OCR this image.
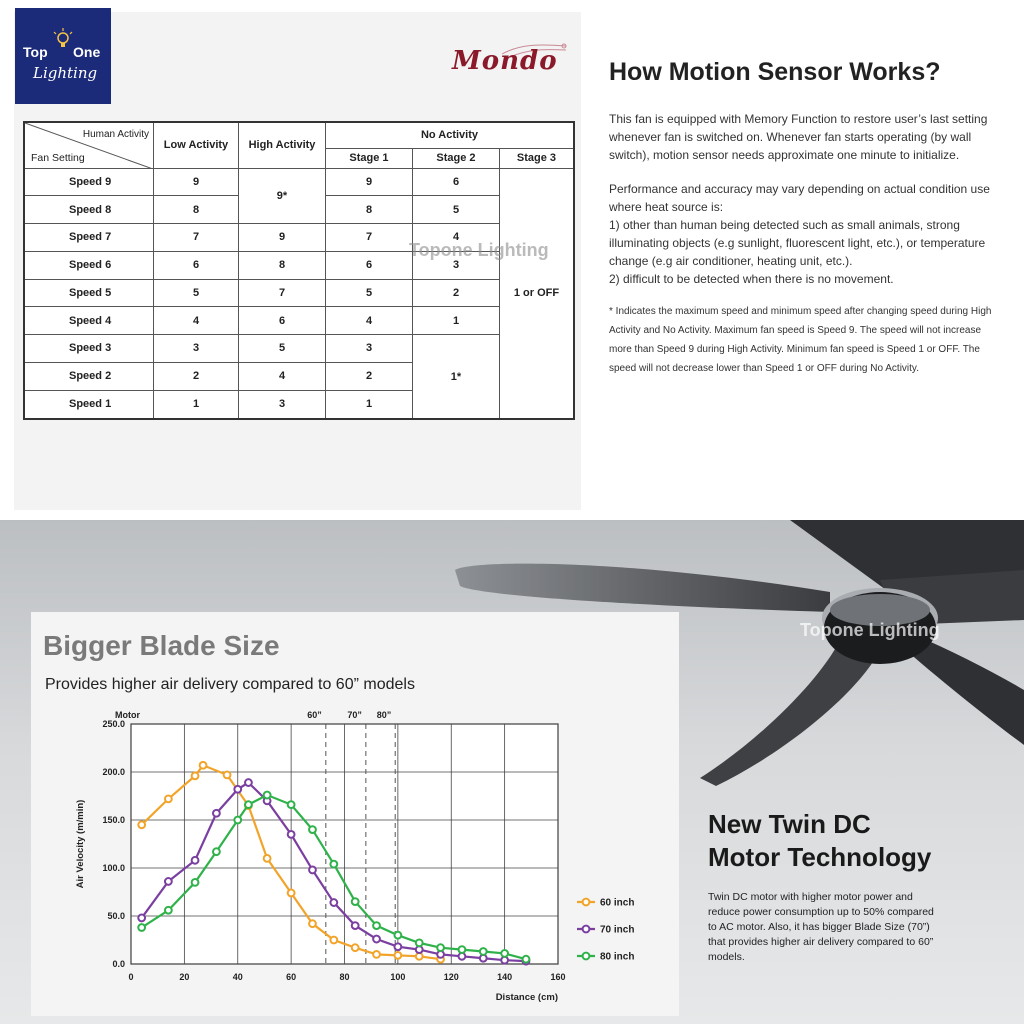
Top One
Lighting	Mondo
Human Activity
Fan Setting	Low Activity	High Activity	No Activity		
			Stage 1	Stage 2	Stage 3
Speed 9	9	9*	9	6	1 or OFF
Speed 8	8		8	5	
Speed 7	7	9	7	4	
Speed 6	6	8	6	3	
Speed 5	5	7	5	2	
Speed 4	4	6	4	1	
Speed 3	3	5	3	1*	
Speed 2	2	4	2		
Speed 1	1	3	1		
Topone Lighting
How Motion Sensor Works?
This fan is equipped with Memory Function to restore user’s last setting whenever fan is switched on. Whenever fan starts operating (by wall switch), motion sensor needs approximate one minute to initialize.
Performance and accuracy may vary depending on actual condition use where heat source is:
1) other than human being detected such as small animals, strong illuminating objects (e.g sunlight, fluorescent light, etc.), or temperature change (e.g air conditioner, heating unit, etc.).
2) difficult to be detected when there is no movement.
* Indicates the maximum speed and minimum speed after changing speed during High Activity and No Activity. Maximum fan speed is Speed 9. The speed will not increase more than Speed 9 during High Activity. Minimum fan speed is Speed 1 or OFF. The speed will not decrease lower than Speed 1 or OFF during No Activity.
Topone Lighting
Bigger Blade Size
Provides higher air delivery compared to 60” models
60”	70” 80”
0	20	40	60	80	100	120	140	160
0.0
50.0
100.0
150.0
200.0
250.0
Distance (cm)
Air Velocity (m/min)
Motor
60 inch
70 inch
80 inch
New Twin DC
Motor Technology
Twin DC motor with higher motor power and reduce power consumption up to 50% compared to AC motor. Also, it has bigger Blade Size (70”) that provides higher air delivery compared to 60” models.
